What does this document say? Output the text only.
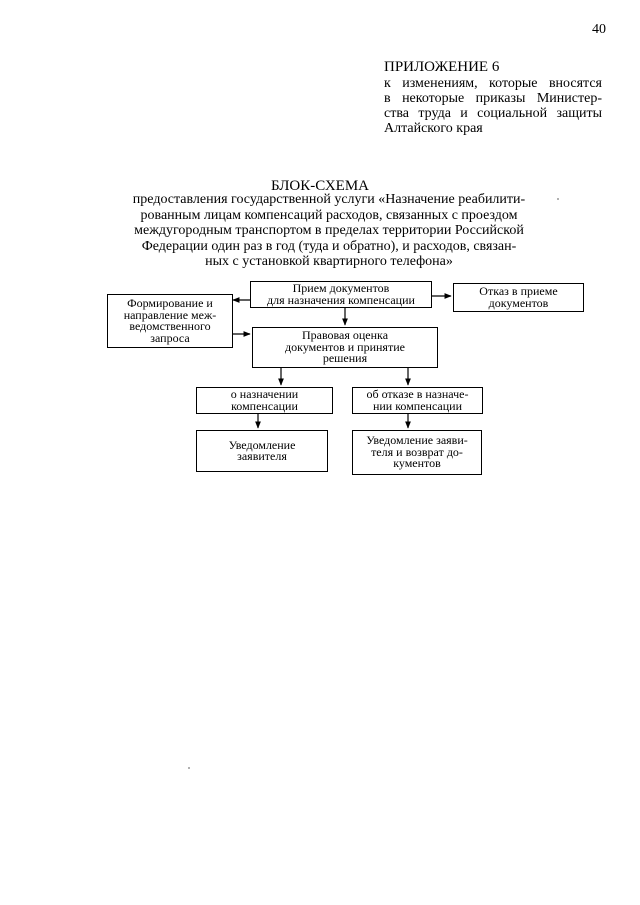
40
ПРИЛОЖЕНИЕ 6
к изменениям, которые вносятся
в некоторые приказы Министер-
ства труда и социальной защиты
Алтайского края
БЛОК-СХЕМА
предоставления государственной услуги «Назначение реабилити-
рованным лицам компенсаций расходов, связанных с проездом
междугородным транспортом в пределах территории Российской
Федерации один раз в год (туда и обратно), и расходов, связан-
ных с установкой квартирного телефона»
Прием документов
для назначения компенсации
Отказ в приеме
документов
Формирование и
направление меж-
ведомственного
запроса	Правовая оценка
документов и принятие
решения
о назначении
компенсации
об отказе в назначе-
нии компенсации
Уведомление
заявителя
Уведомление заяви-
теля и возврат до-
кументов
